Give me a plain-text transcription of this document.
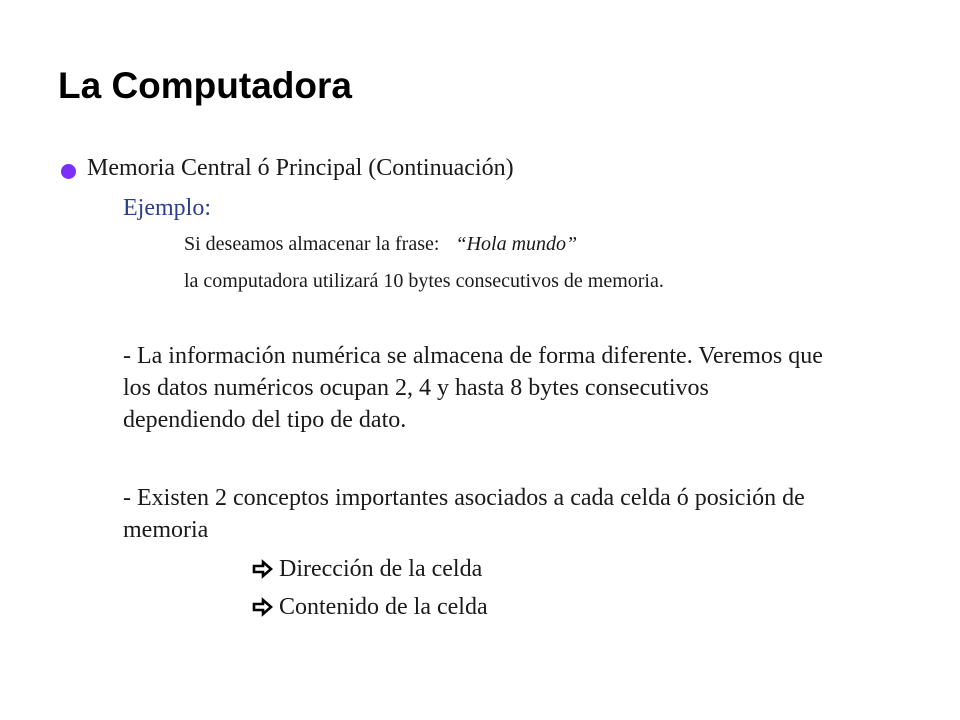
La Computadora

Memoria Central ó Principal (Continuación)

Ejemplo:

Si deseamos almacenar la frase: “Hola mundo”

la computadora utilizará 10 bytes consecutivos de memoria.

- La información numérica se almacena de forma diferente. Veremos que
los datos numéricos ocupan 2, 4 y hasta 8 bytes consecutivos
dependiendo del tipo de dato.
- Existen 2 conceptos importantes asociados a cada celda ó posición de
memoria
Dirección de la celda
Contenido de la celda
